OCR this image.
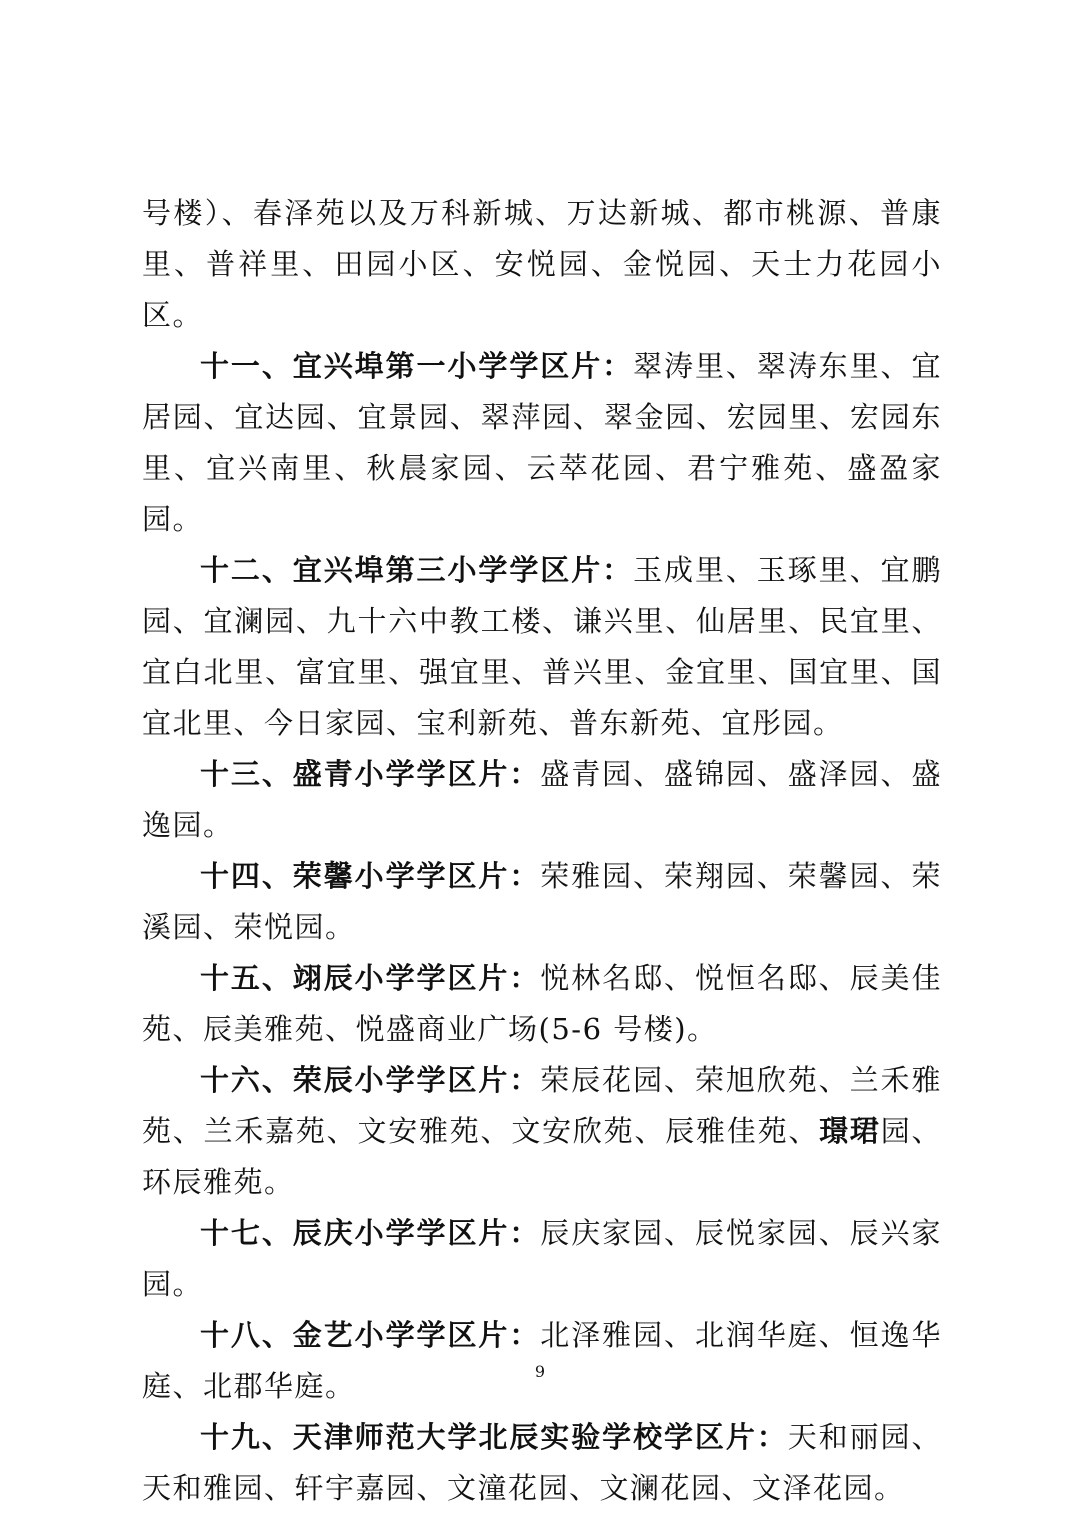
号楼）、春泽苑以及万科新城、万达新城、都市桃源、普康里、普祥里、田园小区、安悦园、金悦园、天士力花园小区。

十一、宜兴埠第一小学学区片：翠涛里、翠涛东里、宜居园、宜达园、宜景园、翠萍园、翠金园、宏园里、宏园东里、宜兴南里、秋晨家园、云萃花园、君宁雅苑、盛盈家园。

十二、宜兴埠第三小学学区片：玉成里、玉琢里、宜鹏园、宜澜园、九十六中教工楼、谦兴里、仙居里、民宜里、宜白北里、富宜里、强宜里、普兴里、金宜里、国宜里、国宜北里、今日家园、宝利新苑、普东新苑、宜彤园。

十三、盛青小学学区片：盛青园、盛锦园、盛泽园、盛逸园。

十四、荣馨小学学区片：荣雅园、荣翔园、荣馨园、荣溪园、荣悦园。

十五、翊辰小学学区片：悦林名邸、悦恒名邸、辰美佳苑、辰美雅苑、悦盛商业广场(5-6 号楼)。

十六、荣辰小学学区片：荣辰花园、荣旭欣苑、兰禾雅苑、兰禾嘉苑、文安雅苑、文安欣苑、辰雅佳苑、璟珺园、环辰雅苑。

十七、辰庆小学学区片：辰庆家园、辰悦家园、辰兴家园。

十八、金艺小学学区片：北泽雅园、北润华庭、恒逸华庭、北郡华庭。

十九、天津师范大学北辰实验学校学区片：天和丽园、天和雅园、轩宇嘉园、文潼花园、文澜花园、文泽花园。

9
